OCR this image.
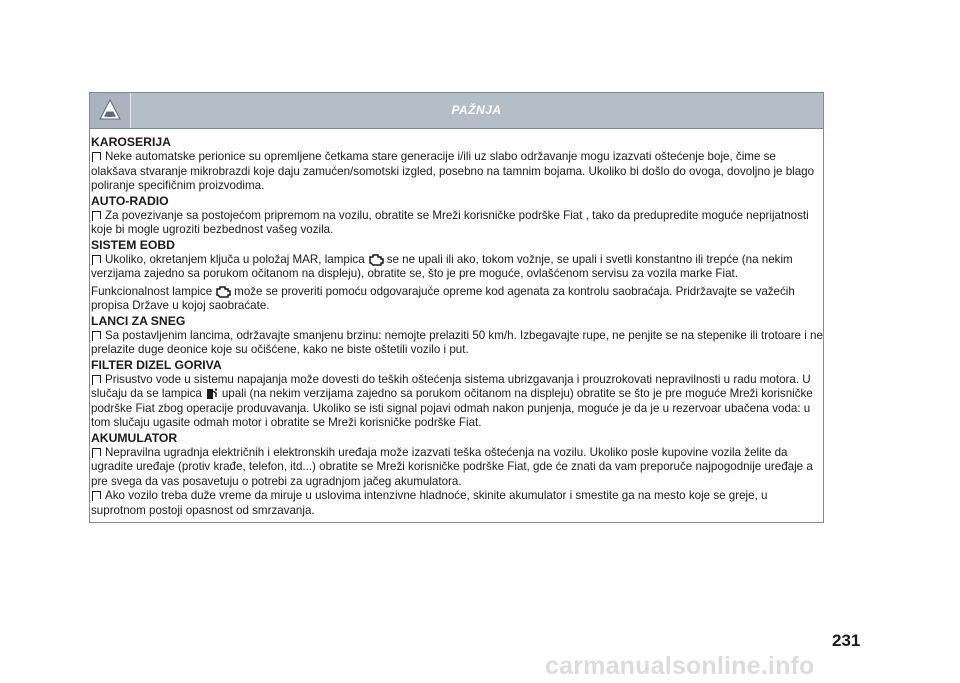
PAŽNJA

KAROSERIJA

Neke automatske perionice su opremljene četkama stare generacije i/ili uz slabo održavanje mogu izazvati oštećenje boje, čime se olakšava stvaranje mikrobrazdi koje daju zamućen/somotski izgled, posebno na tamnim bojama. Ukoliko bi došlo do ovoga, dovoljno je blago poliranje specifičnim proizvodima.

AUTO-RADIO

Za povezivanje sa postojećom pripremom na vozilu, obratite se Mreži korisničke podrške Fiat , tako da predupredite moguće neprijatnosti koje bi mogle ugroziti bezbednost vašeg vozila.

SISTEM EOBD

Ukoliko, okretanjem ključa u položaj MAR, lampica se ne upali ili ako, tokom vožnje, se upali i svetli konstantno ili trepće (na nekim verzijama zajedno sa porukom očitanom na displeju), obratite se, što je pre moguće, ovlašćenom servisu za vozila marke Fiat.

Funkcionalnost lampice može se proveriti pomoću odgovarajuće opreme kod agenata za kontrolu saobraćaja. Pridržavajte se važećih propisa Države u kojoj saobraćate.

LANCI ZA SNEG

Sa postavljenim lancima, održavajte smanjenu brzinu: nemojte prelaziti 50 km/h. Izbegavajte rupe, ne penjite se na stepenike ili trotoare i ne prelazite duge deonice koje su očišćene, kako ne biste oštetili vozilo i put.

FILTER DIZEL GORIVA

Prisustvo vode u sistemu napajanja može dovesti do teških oštećenja sistema ubrizgavanja i prouzrokovati nepravilnosti u radu motora. U slučaju da se lampica upali (na nekim verzijama zajedno sa porukom očitanom na displeju) obratite se što je pre moguće Mreži korisničke podrške Fiat zbog operacije produvavanja. Ukoliko se isti signal pojavi odmah nakon punjenja, moguće je da je u rezervoar ubačena voda: u tom slučaju ugasite odmah motor i obratite se Mreži korisničke podrške Fiat.

AKUMULATOR

Nepravilna ugradnja električnih i elektronskih uređaja može izazvati teška oštećenja na vozilu. Ukoliko posle kupovine vozila želite da ugradite uređaje (protiv krađe, telefon, itd...) obratite se Mreži korisničke podrške Fiat, gde će znati da vam preporuče najpogodnije uređaje a pre svega da vas posavetuju o potrebi za ugradnjom jačeg akumulatora.

Ako vozilo treba duže vreme da miruje u uslovima intenzivne hladnoće, skinite akumulator i smestite ga na mesto koje se greje, u suprotnom postoji opasnost od smrzavanja.

231
carmanualsonline.info
